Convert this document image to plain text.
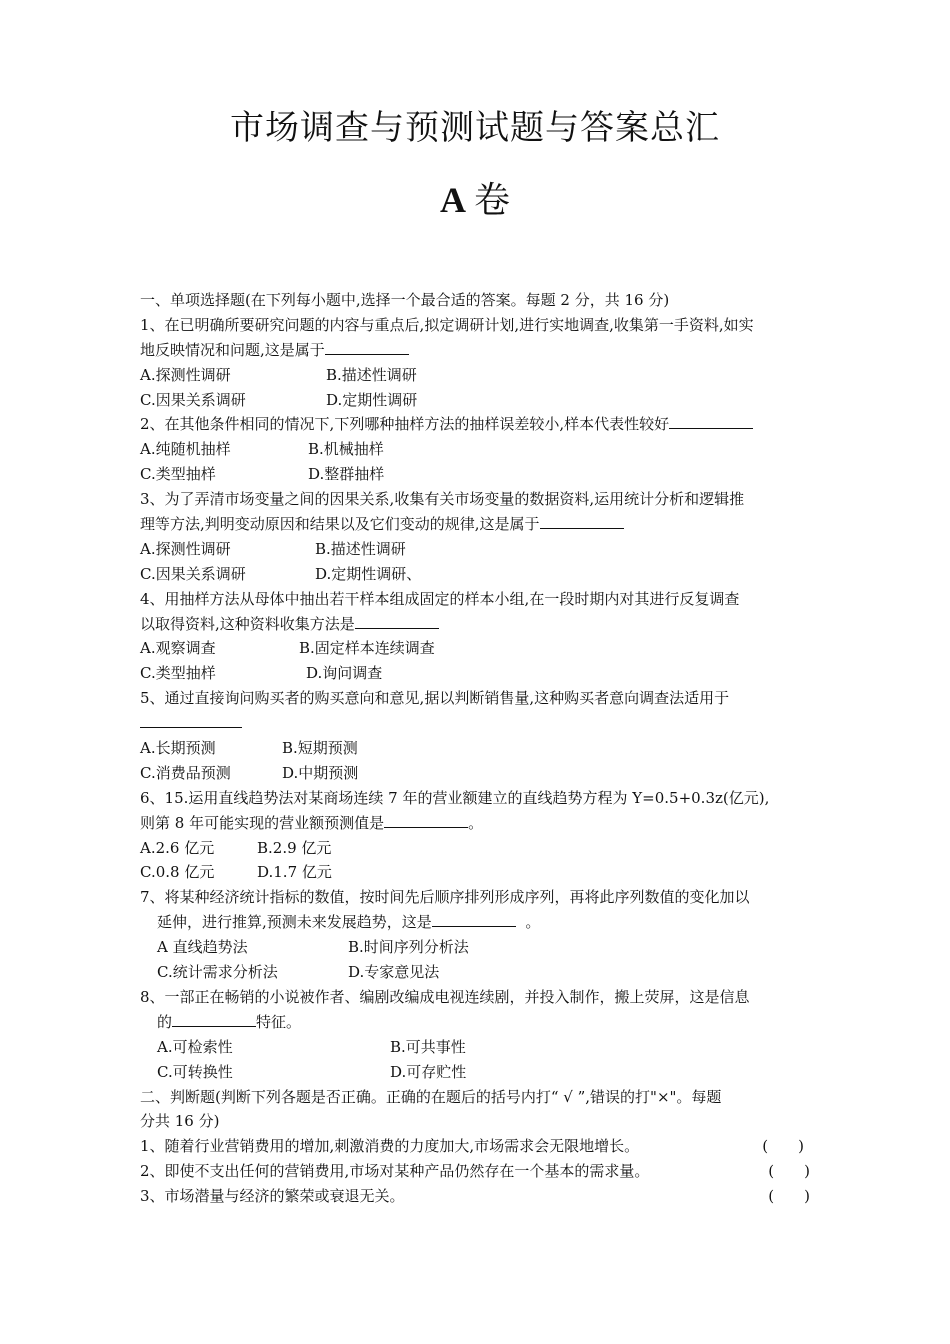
市场调查与预测试题与答案总汇
A 卷
一、单项选择题(在下列每小题中,选择一个最合适的答案。每题 2 分，共 16 分)
1、在已明确所要研究问题的内容与重点后,拟定调研计划,进行实地调查,收集第一手资料,如实
地反映情况和问题,这是属于
A.探测性调研	B.描述性调研
C.因果关系调研	D.定期性调研
2、在其他条件相同的情况下,下列哪种抽样方法的抽样误差较小,样本代表性较好
A.纯随机抽样	B.机械抽样
C.类型抽样	D.整群抽样
3、为了弄清市场变量之间的因果关系,收集有关市场变量的数据资料,运用统计分析和逻辑推
理等方法,判明变动原因和结果以及它们变动的规律,这是属于
A.探测性调研	B.描述性调研
C.因果关系调研	D.定期性调研、
4、用抽样方法从母体中抽出若干样本组成固定的样本小组,在一段时期内对其进行反复调查
以取得资料,这种资料收集方法是
A.观察调查	B.固定样本连续调查
C.类型抽样	D.询问调查
5、通过直接询问购买者的购买意向和意见,据以判断销售量,这种购买者意向调查法适用于
A.长期预测	B.短期预测
C.消费品预测	D.中期预测
6、15.运用直线趋势法对某商场连续 7 年的营业额建立的直线趋势方程为 Y=0.5+0.3z(亿元),
则第 8 年可能实现的营业额预测值是	。
A.2.6 亿元	B.2.9 亿元
C.0.8 亿元	D.1.7 亿元
7、将某种经济统计指标的数值，按时间先后顺序排列形成序列，再将此序列数值的变化加以
延伸，进行推算,预测未来发展趋势，这是	。
A 直线趋势法	B.时间序列分析法
C.统计需求分析法	D.专家意见法
8、一部正在畅销的小说被作者、编剧改编成电视连续剧，并投入制作，搬上荧屏，这是信息
的	特征。
A.可检索性	B.可共事性
C.可转换性	D.可存贮性
二、判断题(判断下列各题是否正确。正确的在题后的括号内打“ √ ”,错误的打"×"。每题
分共 16 分)
1、随着行业营销费用的增加,刺激消费的力度加大,市场需求会无限地增长。	(　　)
2、即使不支出任何的营销费用,市场对某种产品仍然存在一个基本的需求量。	(　　)
3、市场潜量与经济的繁荣或衰退无关。	(　　)
